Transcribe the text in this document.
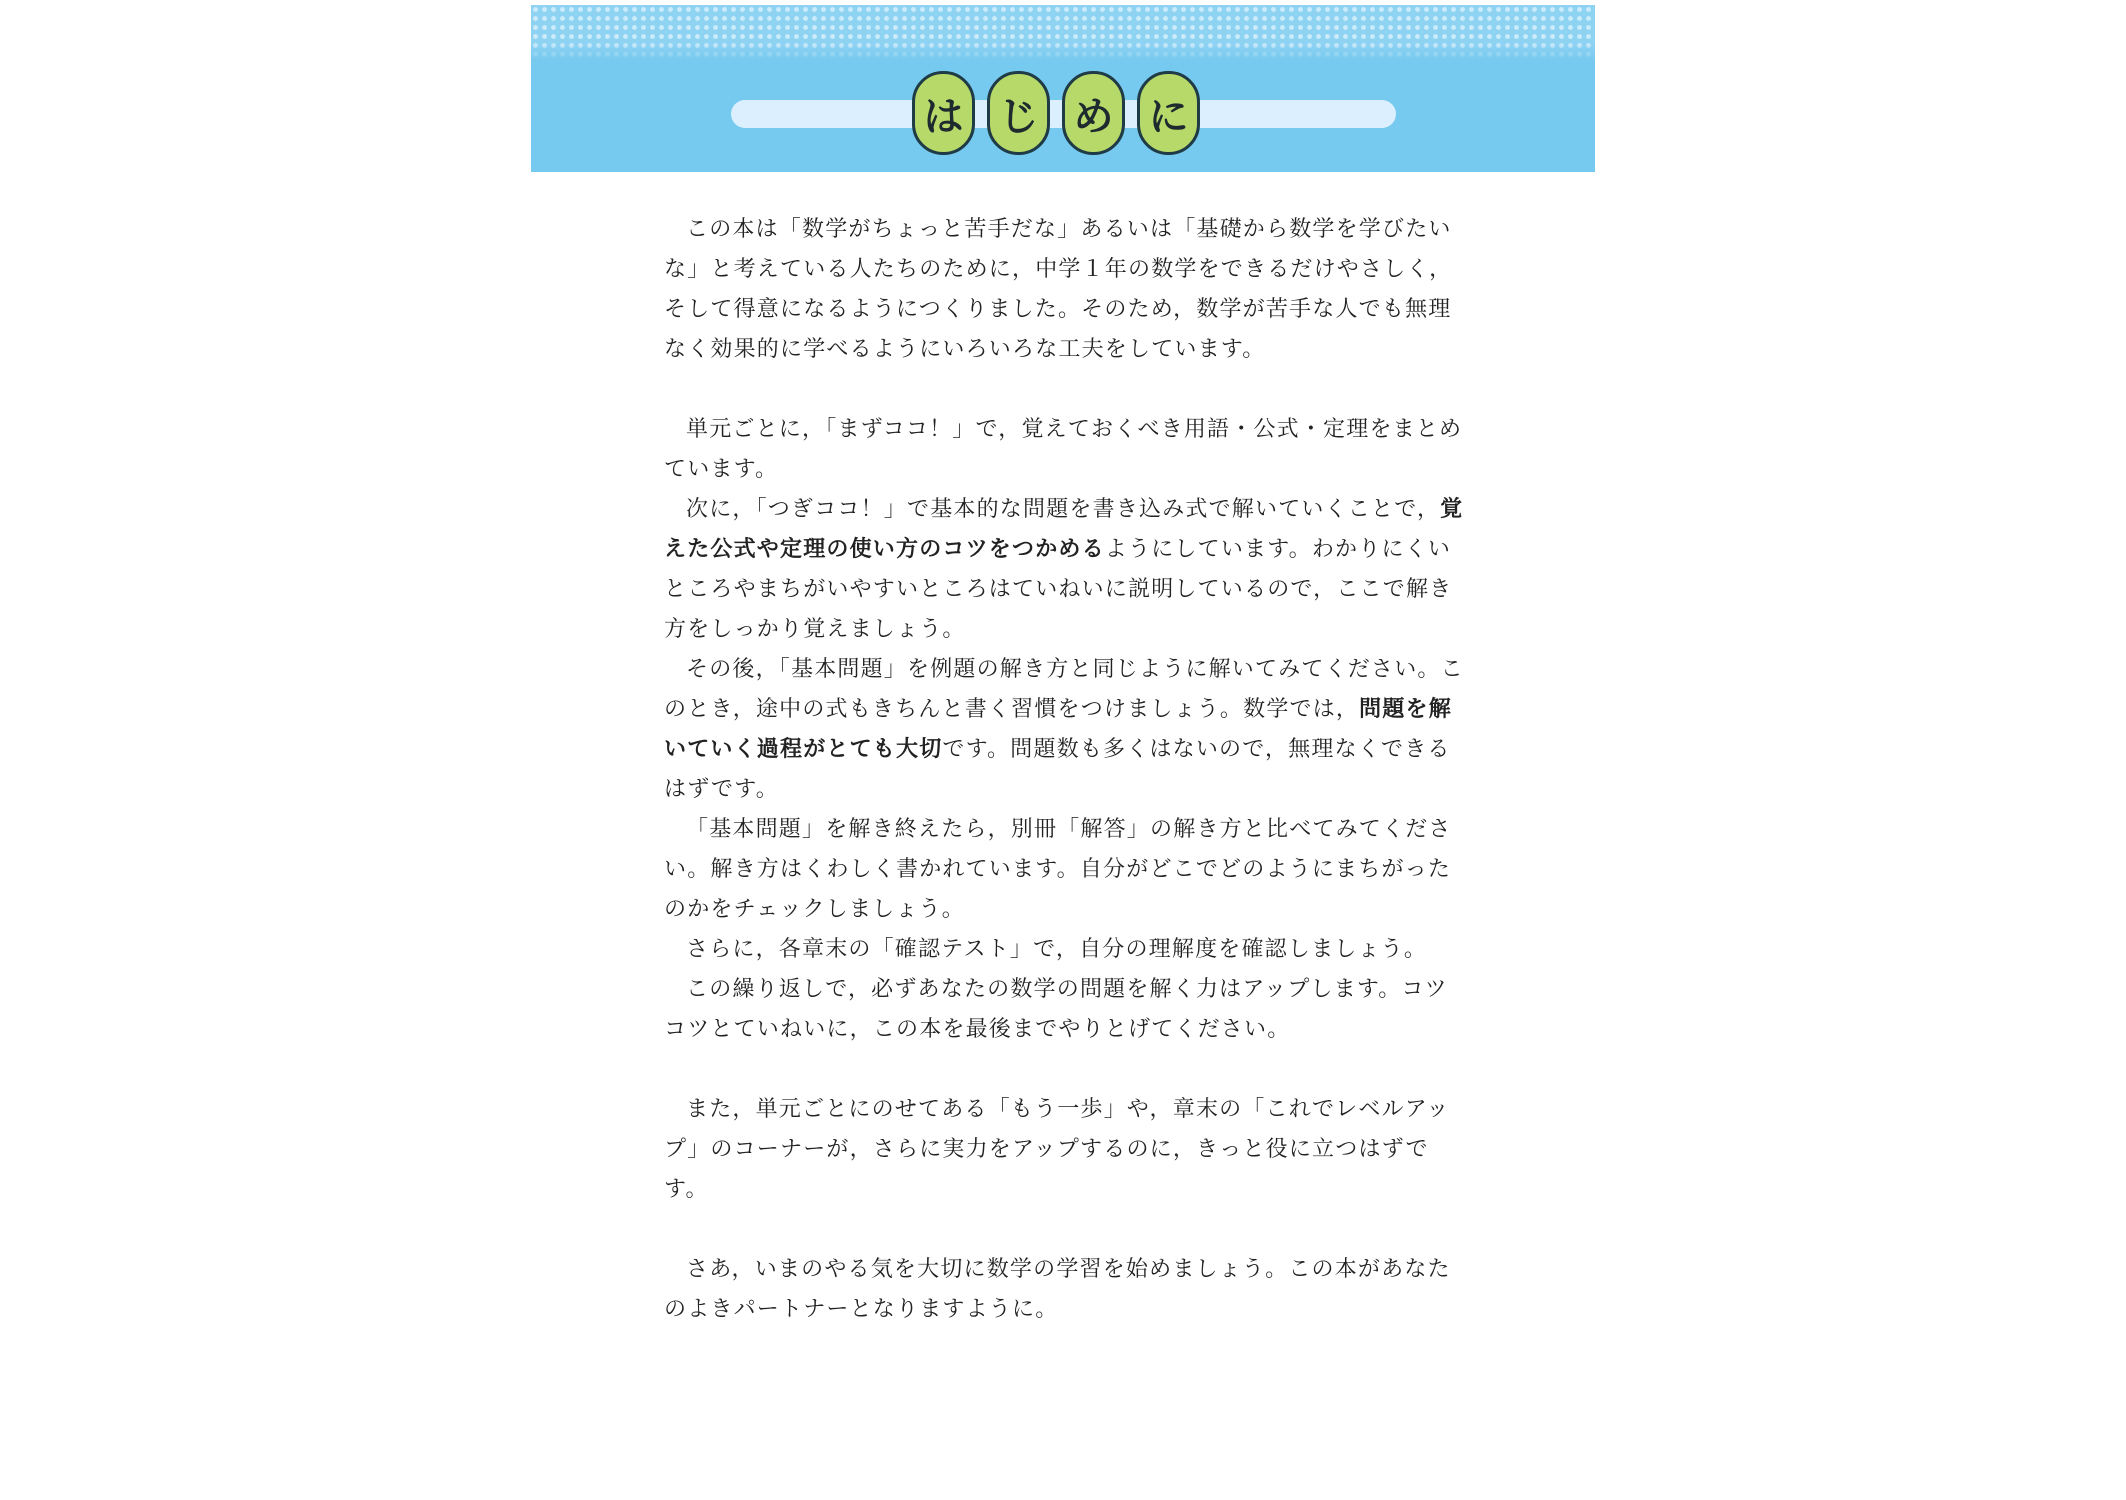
は じ め に

この本は「数学がちょっと苦手だな」あるいは「基礎から数学を学びたいな」と考えている人たちのために，中学１年の数学をできるだけやさしく，そして得意になるようにつくりました。そのため，数学が苦手な人でも無理なく効果的に学べるようにいろいろな工夫をしています。

単元ごとに，「まずココ！」で，覚えておくべき用語・公式・定理をまとめています。

次に，「つぎココ！」で基本的な問題を書き込み式で解いていくことで，覚えた公式や定理の使い方のコツをつかめるようにしています。わかりにくいところやまちがいやすいところはていねいに説明しているので，ここで解き方をしっかり覚えましょう。

その後，「基本問題」を例題の解き方と同じように解いてみてください。このとき，途中の式もきちんと書く習慣をつけましょう。数学では，問題を解いていく過程がとても大切です。問題数も多くはないので，無理なくできるはずです。

「基本問題」を解き終えたら，別冊「解答」の解き方と比べてみてください。解き方はくわしく書かれています。自分がどこでどのようにまちがったのかをチェックしましょう。

さらに，各章末の「確認テスト」で，自分の理解度を確認しましょう。

この繰り返しで，必ずあなたの数学の問題を解く力はアップします。コツコツとていねいに，この本を最後までやりとげてください。

また，単元ごとにのせてある「もう一歩」や，章末の「これでレベルアップ」のコーナーが，さらに実力をアップするのに，きっと役に立つはずです。

さあ，いまのやる気を大切に数学の学習を始めましょう。この本があなたのよきパートナーとなりますように。
